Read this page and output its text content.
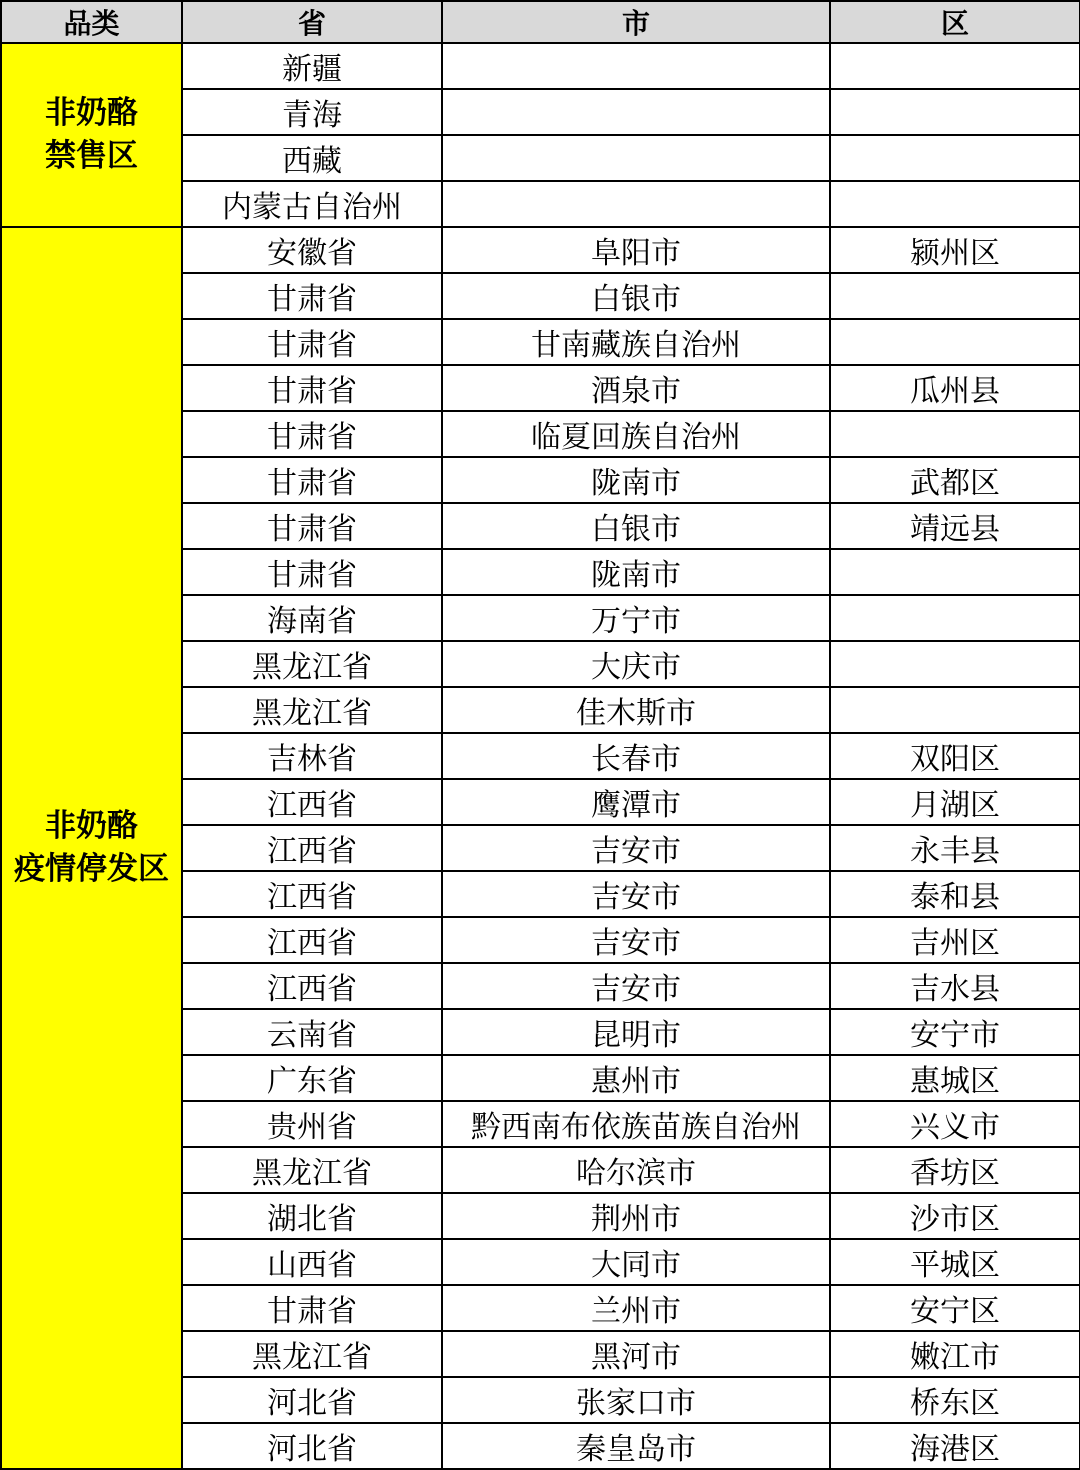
品类	省	市	区

非奶酪
禁售区	新疆		
	青海		
	西藏		
	内蒙古自治州		

非奶酪
疫情停发区	安徽省	阜阳市	颍州区
	甘肃省	白银市	
	甘肃省	甘南藏族自治州	
	甘肃省	酒泉市	瓜州县
	甘肃省	临夏回族自治州	
	甘肃省	陇南市	武都区
	甘肃省	白银市	靖远县
	甘肃省	陇南市	
	海南省	万宁市	
	黑龙江省	大庆市	
	黑龙江省	佳木斯市	
	吉林省	长春市	双阳区
	江西省	鹰潭市	月湖区
	江西省	吉安市	永丰县
	江西省	吉安市	泰和县
	江西省	吉安市	吉州区
	江西省	吉安市	吉水县
	云南省	昆明市	安宁市
	广东省	惠州市	惠城区
	贵州省	黔西南布依族苗族自治州	兴义市
	黑龙江省	哈尔滨市	香坊区
	湖北省	荆州市	沙市区
	山西省	大同市	平城区
	甘肃省	兰州市	安宁区
	黑龙江省	黑河市	嫩江市
	河北省	张家口市	桥东区
	河北省	秦皇岛市	海港区
